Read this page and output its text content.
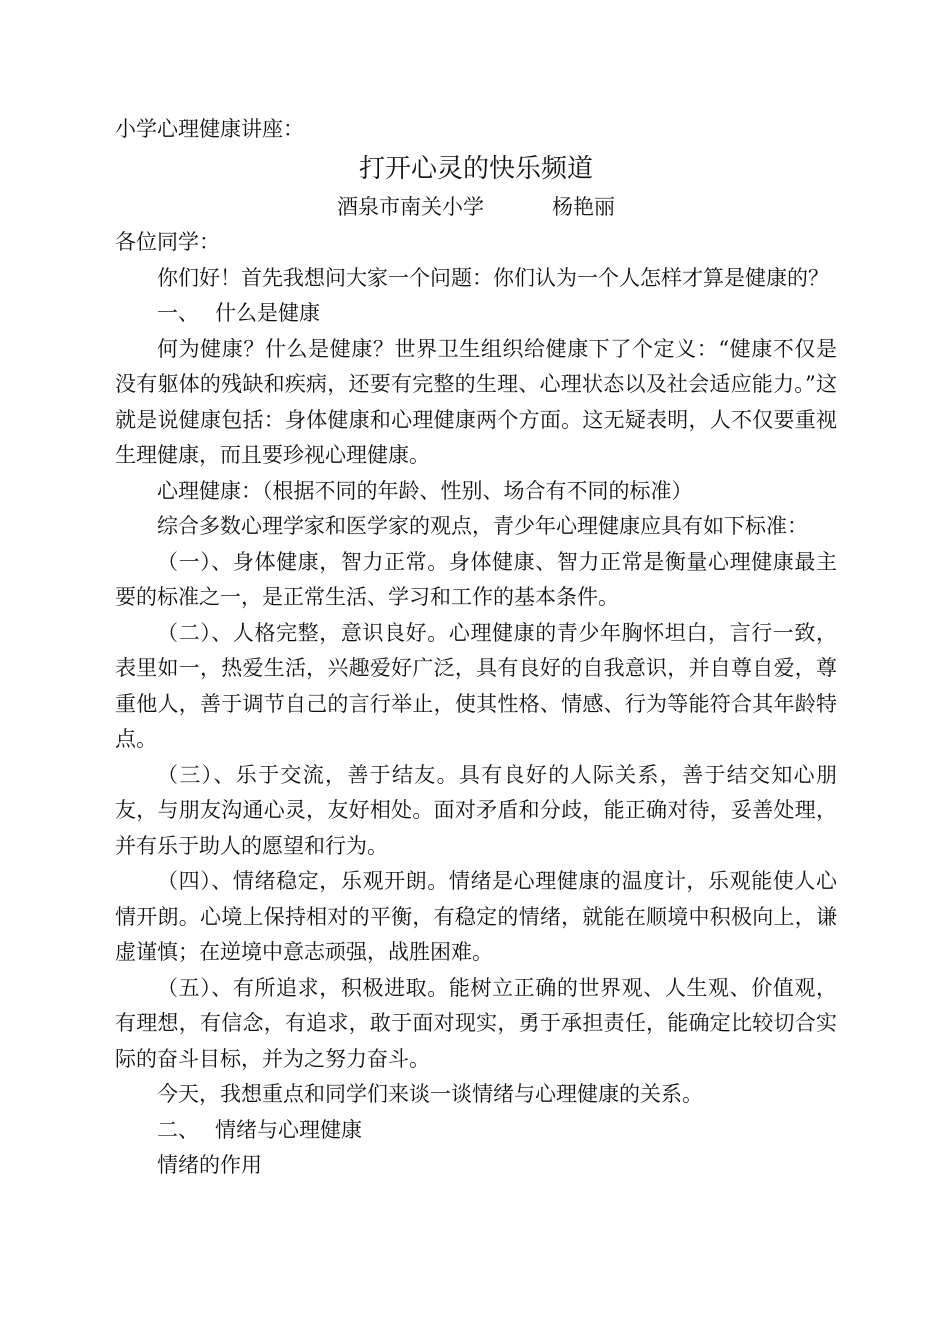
小学心理健康讲座：

打开心灵的快乐频道

酒泉市南关小学	杨艳丽

各位同学：

你们好！首先我想问大家一个问题：你们认为一个人怎样才算是健康的？

一、 什么是健康

何为健康？什么是健康？世界卫生组织给健康下了个定义：“健康不仅是没有躯体的残缺和疾病，还要有完整的生理、心理状态以及社会适应能力。”这就是说健康包括：身体健康和心理健康两个方面。这无疑表明，人不仅要重视生理健康，而且要珍视心理健康。

心理健康：（根据不同的年龄、性别、场合有不同的标准）

综合多数心理学家和医学家的观点，青少年心理健康应具有如下标准：

（一）、身体健康，智力正常。身体健康、智力正常是衡量心理健康最主要的标准之一，是正常生活、学习和工作的基本条件。

（二）、人格完整，意识良好。心理健康的青少年胸怀坦白，言行一致，表里如一，热爱生活，兴趣爱好广泛，具有良好的自我意识，并自尊自爱，尊重他人，善于调节自己的言行举止，使其性格、情感、行为等能符合其年龄特点。

（三）、乐于交流，善于结友。具有良好的人际关系，善于结交知心朋友，与朋友沟通心灵，友好相处。面对矛盾和分歧，能正确对待，妥善处理，并有乐于助人的愿望和行为。

（四）、情绪稳定，乐观开朗。情绪是心理健康的温度计，乐观能使人心情开朗。心境上保持相对的平衡，有稳定的情绪，就能在顺境中积极向上，谦虚谨慎；在逆境中意志顽强，战胜困难。

（五）、有所追求，积极进取。能树立正确的世界观、人生观、价值观，有理想，有信念，有追求，敢于面对现实，勇于承担责任，能确定比较切合实际的奋斗目标，并为之努力奋斗。

今天，我想重点和同学们来谈一谈情绪与心理健康的关系。

二、 情绪与心理健康

情绪的作用
